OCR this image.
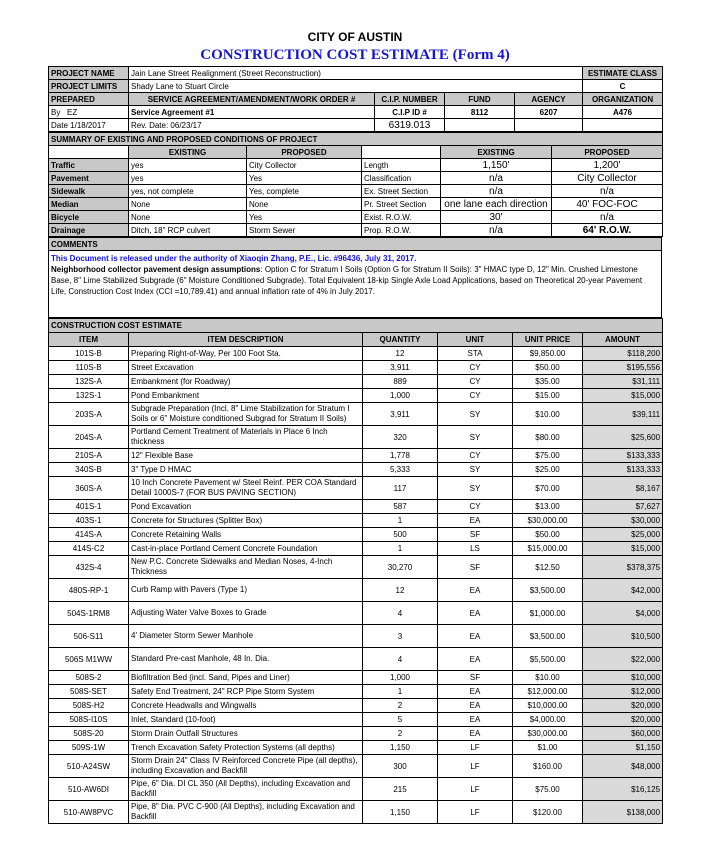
CITY OF AUSTIN
CONSTRUCTION COST ESTIMATE (Form 4)
PROJECT NAME	Jain Lane Street Realignment (Street Reconstruction)				ESTIMATE CLASS
PROJECT LIMITS	Shady Lane to Stuart Circle				C
PREPARED	SERVICE AGREEMENT/AMENDMENT/WORK ORDER #	C.I.P. NUMBER	FUND	AGENCY	ORGANIZATION
By EZ	Service Agreement #1	C.I.P ID #	8112	6207	A476
Date 1/18/2017	Rev. Date: 06/23/17	6319.013			
SUMMARY OF EXISTING AND PROPOSED CONDITIONS OF PROJECT					
	EXISTING	PROPOSED		EXISTING	PROPOSED
Traffic	yes	City Collector	Length	1,150'	1,200'
Pavement	yes	Yes	Classification	n/a	City Collector
Sidewalk	yes, not complete	Yes, complete	Ex. Street Section	n/a	n/a
Median	None	None	Pr. Street Section	one lane each direction	40' FOC-FOC
Bicycle	None	Yes	Exist. R.O.W.	30'	n/a
Drainage	Ditch, 18" RCP culvert	Storm Sewer	Prop. R.O.W.	n/a	64' R.O.W.
COMMENTS

This Document is released under the authority of Xiaoqin Zhang, P.E., Lic. #96436, July 31, 2017.
Neighborhood collector pavement design assumptions: Option C for Stratum I Soils (Option G for Stratum II Soils): 3" HMAC type D, 12" Min. Crushed Limestone Base, 8" Lime Stabilized Subgrade (6" Moisture Conditioned Subgrade). Total Equivalent 18-kip Single Axle Load Applications, based on Theoretical 20-year Pavement Life, Construction Cost Index (CCI =10,789.41) and annual inflation rate of 4% in July 2017.
CONSTRUCTION COST ESTIMATE					
ITEM	ITEM DESCRIPTION	QUANTITY	UNIT	UNIT PRICE	AMOUNT
101S-B	Preparing Right-of-Way, Per 100 Foot Sta.	12	STA	$9,850.00	$118,200
110S-B	Street Excavation	3,911	CY	$50.00	$195,556
132S-A	Embankment (for Roadway)	889	CY	$35.00	$31,111
132S-1	Pond Embankment	1,000	CY	$15.00	$15,000
203S-A	Subgrade Preparation (Incl. 8" Lime Stabilization for Stratum I Soils or 6" Moisture conditioned Subgrad for Stratum II Soils)	3,911	SY	$10.00	$39,111
204S-A	Portland Cement Treatment of Materials in Place 6 Inch thickness	320	SY	$80.00	$25,600
210S-A	12" Flexible Base	1,778	CY	$75.00	$133,333
340S-B	3" Type D HMAC	5,333	SY	$25.00	$133,333
360S-A	10 Inch Concrete Pavement w/ Steel Reinf. PER COA Standard Detail 1000S-7 (FOR BUS PAVING SECTION)	117	SY	$70.00	$8,167
401S-1	Pond Excavation	587	CY	$13.00	$7,627
403S-1	Concrete for Structures (Splitter Box)	1	EA	$30,000.00	$30,000
414S-A	Concrete Retaining Walls	500	SF	$50.00	$25,000
414S-C2	Cast-in-place Portland Cement Concrete Foundation	1	LS	$15,000.00	$15,000
432S-4	New P.C. Concrete Sidewalks and Median Noses, 4-Inch Thickness	30,270	SF	$12.50	$378,375
480S-RP-1	Curb Ramp with Pavers (Type 1)	12	EA	$3,500.00	$42,000
504S-1RM8	Adjusting Water Valve Boxes to Grade	4	EA	$1,000.00	$4,000
506-S11	4' Diameter Storm Sewer Manhole	3	EA	$3,500.00	$10,500
506S M1WW	Standard Pre-cast Manhole, 48 In. Dia.	4	EA	$5,500.00	$22,000
508S-2	Biofiltration Bed (incl. Sand, Pipes and Liner)	1,000	SF	$10.00	$10,000
508S-SET	Safety End Treatment, 24" RCP Pipe Storm System	1	EA	$12,000.00	$12,000
508S-H2	Concrete Headwalls and Wingwalls	2	EA	$10,000.00	$20,000
508S-I10S	Inlet, Standard (10-foot)	5	EA	$4,000.00	$20,000
508S-20	Storm Drain Outfall Structures	2	EA	$30,000.00	$60,000
509S-1W	Trench Excavation Safety Protection Systems (all depths)	1,150	LF	$1.00	$1,150
510-A24SW	Storm Drain 24" Class IV Reinforced Concrete Pipe (all depths), including Excavation and Backfill	300	LF	$160.00	$48,000
510-AW6DI	Pipe, 6" Dia. DI CL 350 (All Depths), including Excavation and Backfill	215	LF	$75.00	$16,125
510-AW8PVC	Pipe, 8" Dia. PVC C-900 (All Depths), including Excavation and Backfill	1,150	LF	$120.00	$138,000
